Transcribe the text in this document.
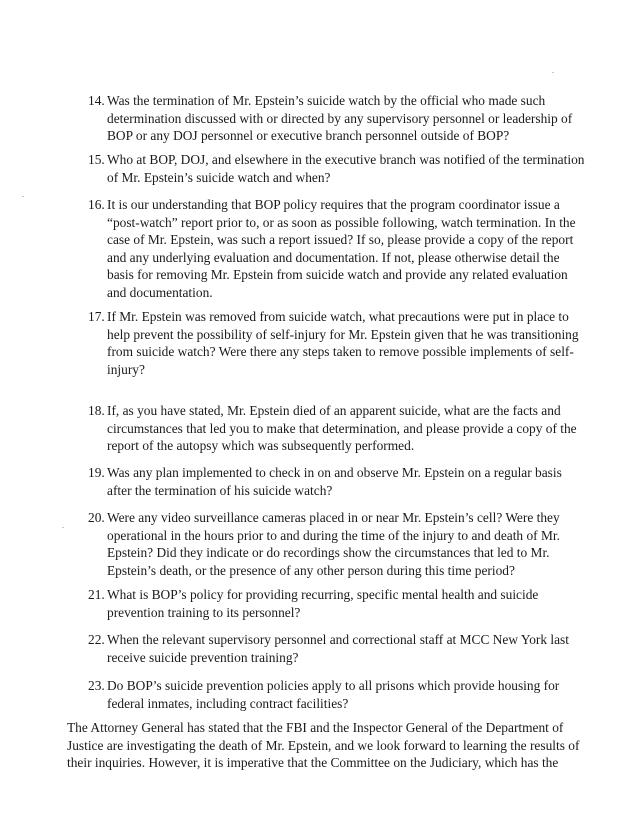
14. Was the termination of Mr. Epstein’s suicide watch by the official who made such determination discussed with or directed by any supervisory personnel or leadership of BOP or any DOJ personnel or executive branch personnel outside of BOP?
15. Who at BOP, DOJ, and elsewhere in the executive branch was notified of the termination of Mr. Epstein’s suicide watch and when?
16. It is our understanding that BOP policy requires that the program coordinator issue a “post-watch” report prior to, or as soon as possible following, watch termination. In the case of Mr. Epstein, was such a report issued? If so, please provide a copy of the report and any underlying evaluation and documentation. If not, please otherwise detail the basis for removing Mr. Epstein from suicide watch and provide any related evaluation and documentation.
17. If Mr. Epstein was removed from suicide watch, what precautions were put in place to help prevent the possibility of self-injury for Mr. Epstein given that he was transitioning from suicide watch? Were there any steps taken to remove possible implements of self-injury?
18. If, as you have stated, Mr. Epstein died of an apparent suicide, what are the facts and circumstances that led you to make that determination, and please provide a copy of the report of the autopsy which was subsequently performed.
19. Was any plan implemented to check in on and observe Mr. Epstein on a regular basis after the termination of his suicide watch?
20. Were any video surveillance cameras placed in or near Mr. Epstein’s cell? Were they operational in the hours prior to and during the time of the injury to and death of Mr. Epstein? Did they indicate or do recordings show the circumstances that led to Mr. Epstein’s death, or the presence of any other person during this time period?
21. What is BOP’s policy for providing recurring, specific mental health and suicide prevention training to its personnel?
22. When the relevant supervisory personnel and correctional staff at MCC New York last receive suicide prevention training?
23. Do BOP’s suicide prevention policies apply to all prisons which provide housing for federal inmates, including contract facilities?

The Attorney General has stated that the FBI and the Inspector General of the Department of Justice are investigating the death of Mr. Epstein, and we look forward to learning the results of their inquiries. However, it is imperative that the Committee on the Judiciary, which has the
